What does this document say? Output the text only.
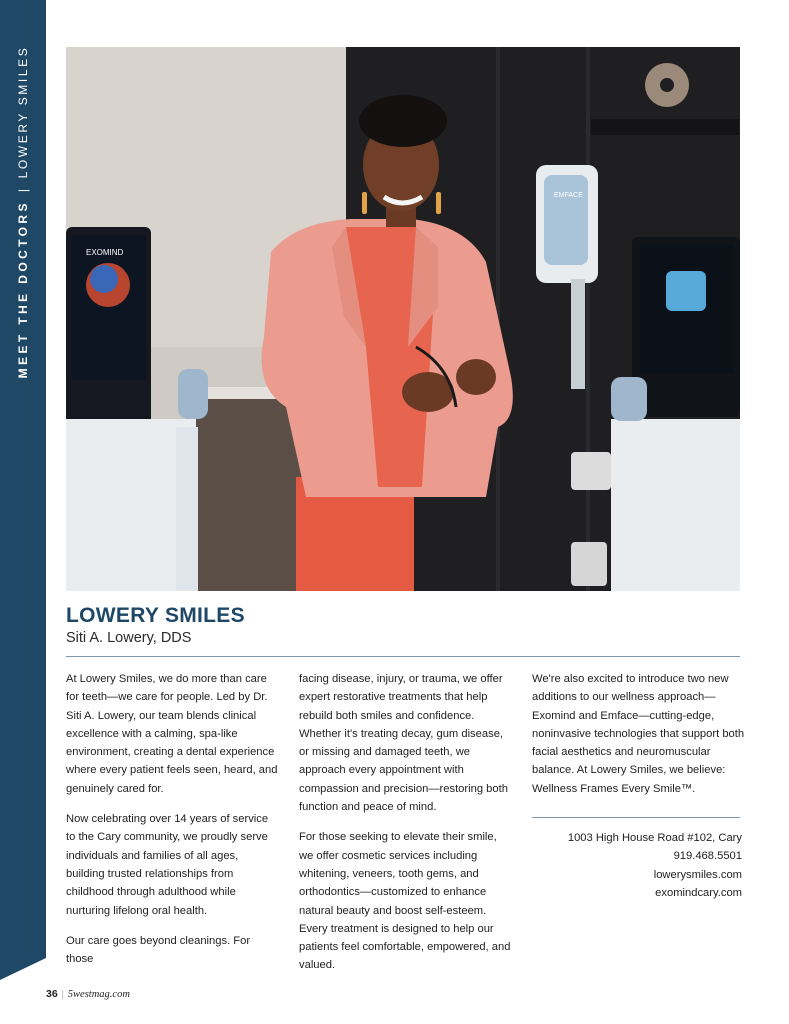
MEET THE DOCTORS|LOWERY SMILES
EXOMIND
EMFACE
LOWERY SMILES
Siti A. Lowery, DDS

At Lowery Smiles, we do more than care for teeth—we care for people. Led by Dr. Siti A. Lowery, our team blends clinical excellence with a calming, spa-like environment, creating a dental experience where every patient feels seen, heard, and genuinely cared for.

Now celebrating over 14 years of service to the Cary community, we proudly serve individuals and families of all ages, building trusted relationships from childhood through adulthood while nurturing lifelong oral health.

Our care goes beyond cleanings. For those

facing disease, injury, or trauma, we offer expert restorative treatments that help rebuild both smiles and confidence. Whether it's treating decay, gum disease, or missing and damaged teeth, we approach every appointment with compassion and precision—restoring both function and peace of mind.

For those seeking to elevate their smile, we offer cosmetic services including whitening, veneers, tooth gems, and orthodontics—customized to enhance natural beauty and boost self-esteem. Every treatment is designed to help our patients feel comfortable, empowered, and valued.

We're also excited to introduce two new additions to our wellness approach—Exomind and Emface—cutting-edge, noninvasive technologies that support both facial aesthetics and neuromuscular balance. At Lowery Smiles, we believe: Wellness Frames Every Smile™.

1003 High House Road #102, Cary
919.468.5501
lowerysmiles.com
exomindcary.com
36 | 5westmag.com
